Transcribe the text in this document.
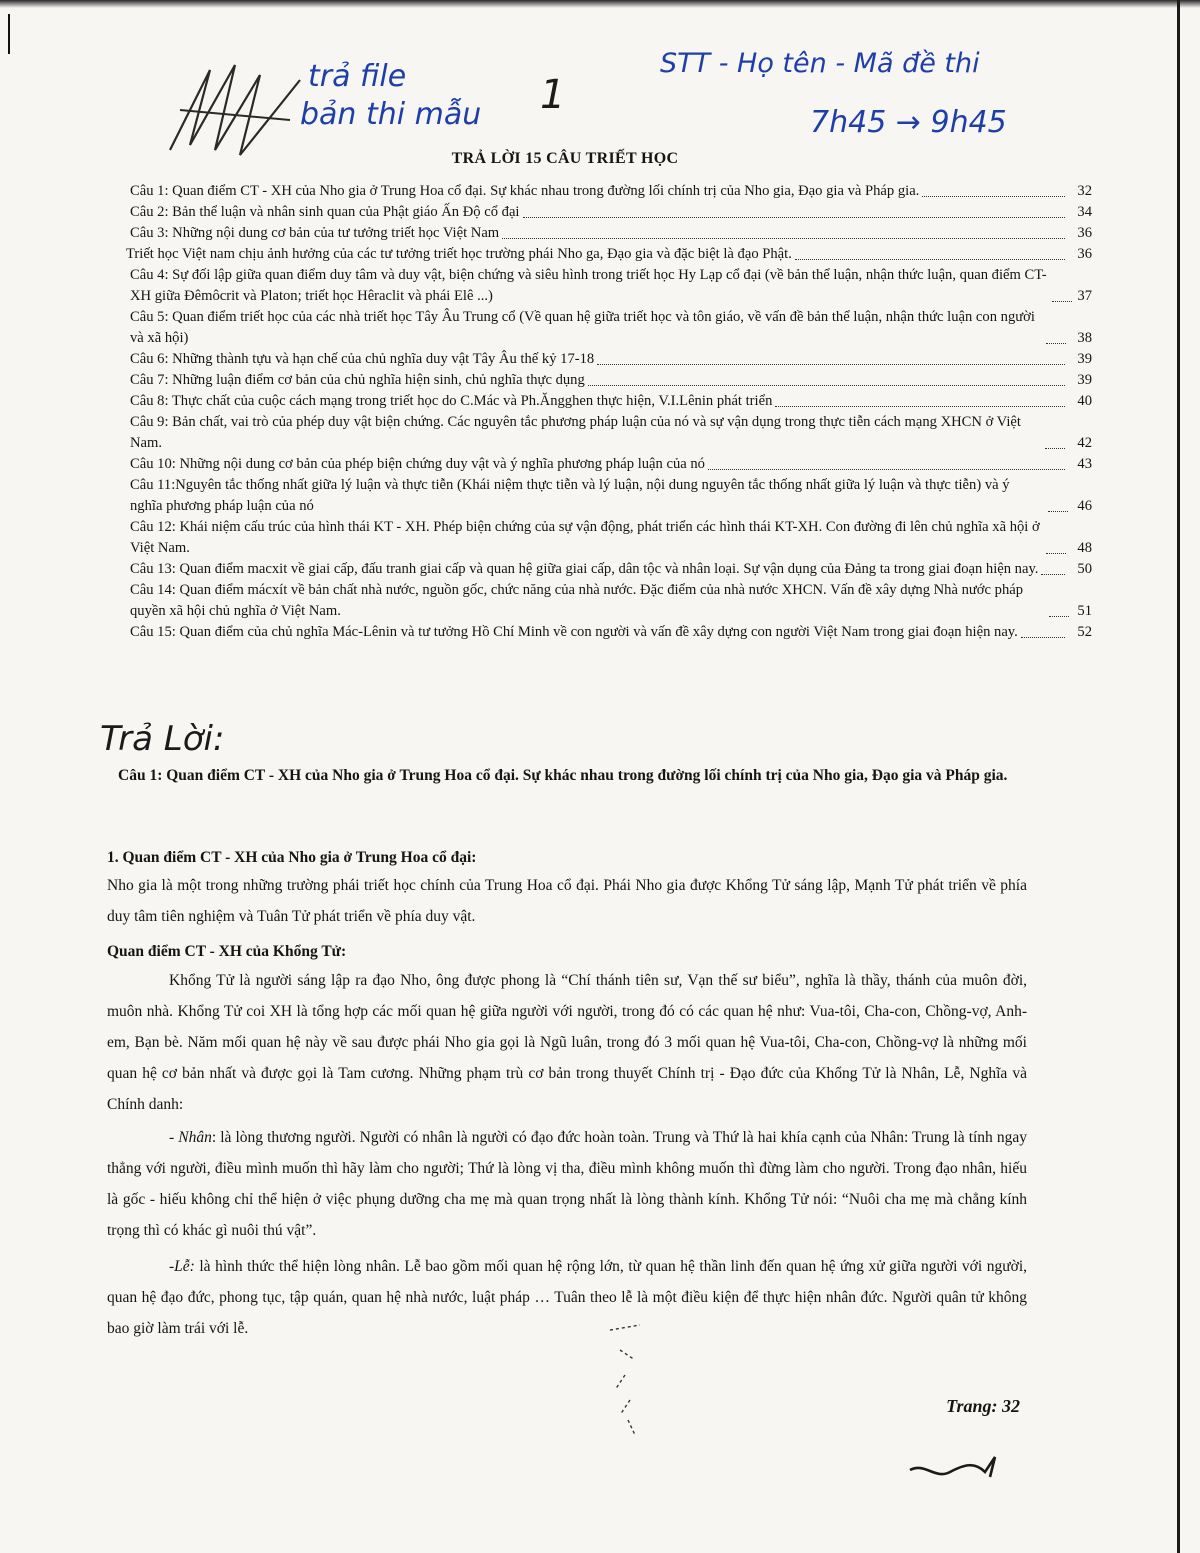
trả file
bản thi mẫu 1
STT - Họ tên - Mã đề thi
7h45 → 9h45
TRẢ LỜI 15 CÂU TRIẾT HỌC
Câu 1: Quan điểm CT - XH của Nho gia ở Trung Hoa cổ đại. Sự khác nhau trong đường lối chính trị của Nho gia, Đạo gia và Pháp gia.	32
Câu 2: Bản thể luận và nhân sinh quan của Phật giáo Ấn Độ cổ đại	34
Câu 3: Những nội dung cơ bản của tư tưởng triết học Việt Nam	36
Triết học Việt nam chịu ảnh hưởng của các tư tưởng triết học trường phái Nho ga, Đạo gia và đặc biệt là đạo Phật.	36
Câu 4: Sự đối lập giữa quan điểm duy tâm và duy vật, biện chứng và siêu hình trong triết học Hy Lạp cổ đại (về bản thể luận, nhận thức luận, quan điểm CT-XH giữa Đêmôcrit và Platon; triết học Hêraclit và phái Elê ...)	37
Câu 5: Quan điểm triết học của các nhà triết học Tây Âu Trung cổ (Về quan hệ giữa triết học và tôn giáo, về vấn đề bản thể luận, nhận thức luận con người và xã hội)	38
Câu 6: Những thành tựu và hạn chế của chủ nghĩa duy vật Tây Âu thế kỷ 17-18	39
Câu 7: Những luận điểm cơ bản của chủ nghĩa hiện sinh, chủ nghĩa thực dụng	39
Câu 8: Thực chất của cuộc cách mạng trong triết học do C.Mác và Ph.Ăngghen thực hiện, V.I.Lênin phát triển	40
Câu 9: Bản chất, vai trò của phép duy vật biện chứng. Các nguyên tắc phương pháp luận của nó và sự vận dụng trong thực tiễn cách mạng XHCN ở Việt Nam.	42
Câu 10: Những nội dung cơ bản của phép biện chứng duy vật và ý nghĩa phương pháp luận của nó	43
Câu 11:Nguyên tắc thống nhất giữa lý luận và thực tiễn (Khái niệm thực tiễn và lý luận, nội dung nguyên tắc thống nhất giữa lý luận và thực tiễn) và ý nghĩa phương pháp luận của nó	46
Câu 12: Khái niệm cấu trúc của hình thái KT - XH. Phép biện chứng của sự vận động, phát triển các hình thái KT-XH. Con đường đi lên chủ nghĩa xã hội ở Việt Nam.	48
Câu 13: Quan điểm macxit về giai cấp, đấu tranh giai cấp và quan hệ giữa giai cấp, dân tộc và nhân loại. Sự vận dụng của Đảng ta trong giai đoạn hiện nay.	50
Câu 14: Quan điểm mácxít về bản chất nhà nước, nguồn gốc, chức năng của nhà nước. Đặc điểm của nhà nước XHCN. Vấn đề xây dựng Nhà nước pháp quyền xã hội chủ nghĩa ở Việt Nam.	51
Câu 15: Quan điểm của chủ nghĩa Mác-Lênin và tư tưởng Hồ Chí Minh về con người và vấn đề xây dựng con người Việt Nam trong giai đoạn hiện nay.	52
Trả Lời:
Câu 1: Quan điểm CT - XH của Nho gia ở Trung Hoa cổ đại. Sự khác nhau trong đường lối chính trị của Nho gia, Đạo gia và Pháp gia.
1. Quan điểm CT - XH của Nho gia ở Trung Hoa cổ đại:
Nho gia là một trong những trường phái triết học chính của Trung Hoa cổ đại. Phái Nho gia được Khổng Tử sáng lập, Mạnh Tử phát triển về phía duy tâm tiên nghiệm và Tuân Tử phát triển về phía duy vật.
Quan điểm CT - XH của Khổng Tử:
Khổng Tử là người sáng lập ra đạo Nho, ông được phong là “Chí thánh tiên sư, Vạn thế sư biểu”, nghĩa là thầy, thánh của muôn đời, muôn nhà. Khổng Tử coi XH là tổng hợp các mối quan hệ giữa người với người, trong đó có các quan hệ như: Vua-tôi, Cha-con, Chồng-vợ, Anh-em, Bạn bè. Năm mối quan hệ này về sau được phái Nho gia gọi là Ngũ luân, trong đó 3 mối quan hệ Vua-tôi, Cha-con, Chồng-vợ là những mối quan hệ cơ bản nhất và được gọi là Tam cương. Những phạm trù cơ bản trong thuyết Chính trị - Đạo đức của Khổng Tử là Nhân, Lễ, Nghĩa và Chính danh:
- Nhân: là lòng thương người. Người có nhân là người có đạo đức hoàn toàn. Trung và Thứ là hai khía cạnh của Nhân: Trung là tính ngay thẳng với người, điều mình muốn thì hãy làm cho người; Thứ là lòng vị tha, điều mình không muốn thì đừng làm cho người. Trong đạo nhân, hiếu là gốc - hiếu không chỉ thể hiện ở việc phụng dưỡng cha mẹ mà quan trọng nhất là lòng thành kính. Khổng Tử nói: “Nuôi cha mẹ mà chẳng kính trọng thì có khác gì nuôi thú vật”.
-Lễ: là hình thức thể hiện lòng nhân. Lễ bao gồm mối quan hệ rộng lớn, từ quan hệ thần linh đến quan hệ ứng xử giữa người với người, quan hệ đạo đức, phong tục, tập quán, quan hệ nhà nước, luật pháp … Tuân theo lễ là một điều kiện để thực hiện nhân đức. Người quân tử không bao giờ làm trái với lễ.
Trang: 32
